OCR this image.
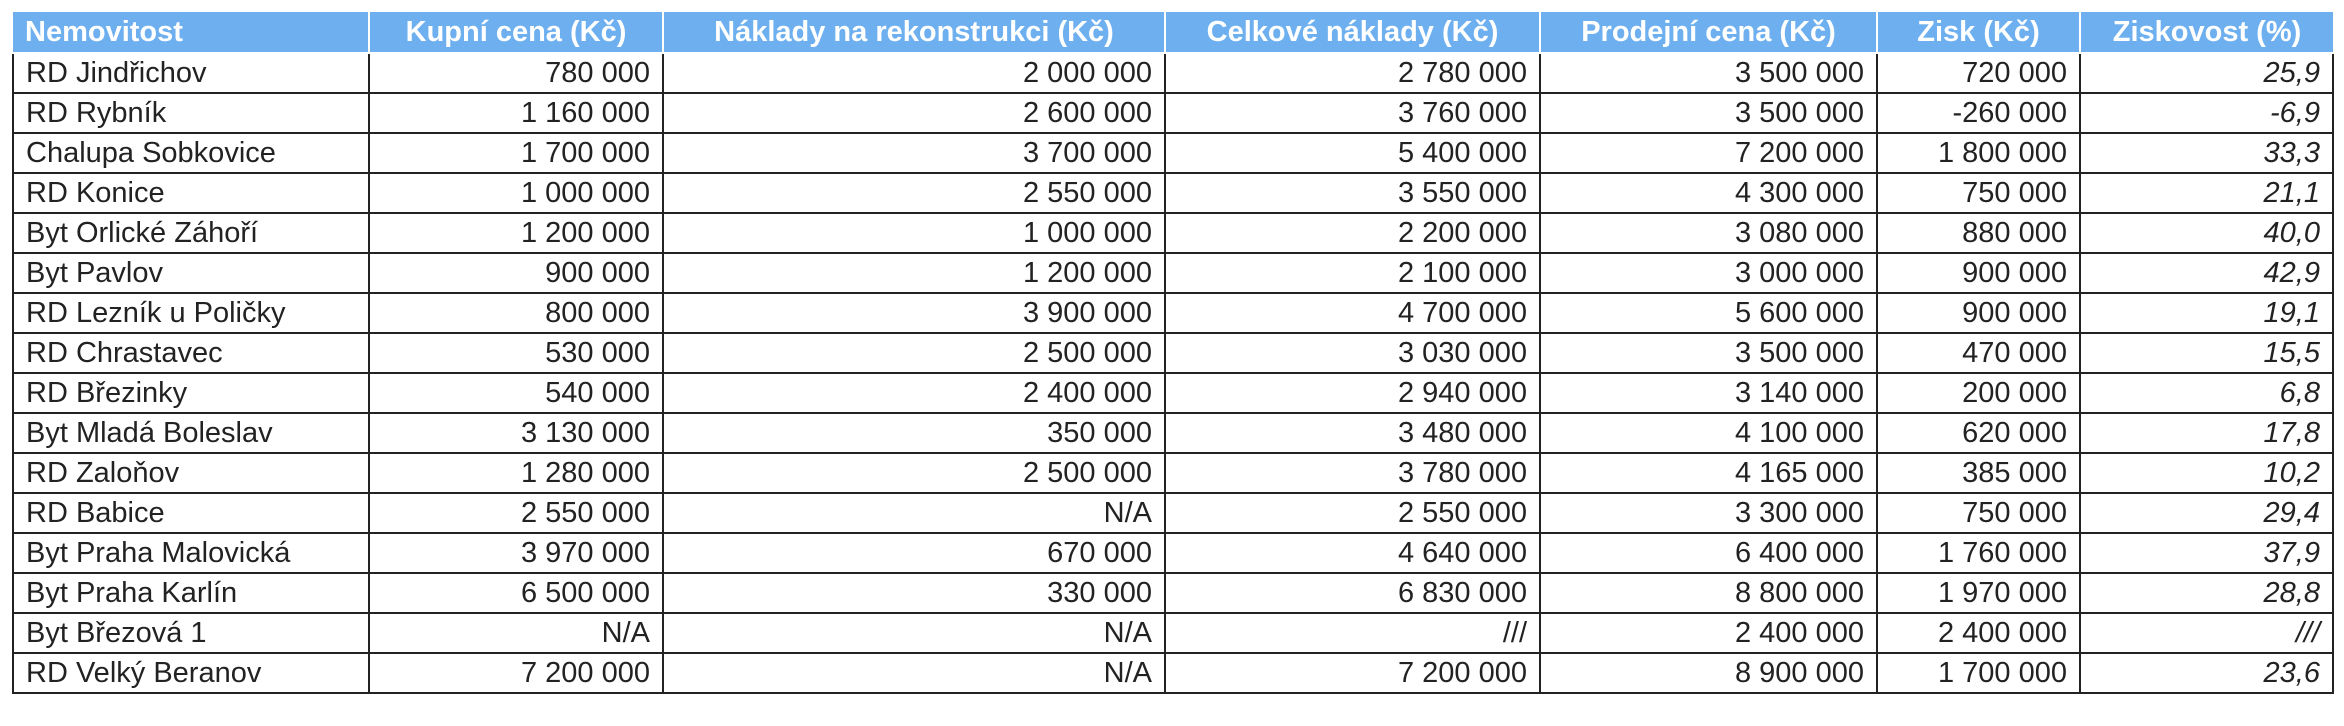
Nemovitost	Kupní cena (Kč)	Náklady na rekonstrukci (Kč)	Celkové náklady (Kč)	Prodejní cena (Kč)	Zisk (Kč)	Ziskovost (%)
RD Jindřichov	780 000	2 000 000	2 780 000	3 500 000	720 000	25,9
RD Rybník	1 160 000	2 600 000	3 760 000	3 500 000	-260 000	-6,9
Chalupa Sobkovice	1 700 000	3 700 000	5 400 000	7 200 000	1 800 000	33,3
RD Konice	1 000 000	2 550 000	3 550 000	4 300 000	750 000	21,1
Byt Orlické Záhoří	1 200 000	1 000 000	2 200 000	3 080 000	880 000	40,0
Byt Pavlov	900 000	1 200 000	2 100 000	3 000 000	900 000	42,9
RD Lezník u Poličky	800 000	3 900 000	4 700 000	5 600 000	900 000	19,1
RD Chrastavec	530 000	2 500 000	3 030 000	3 500 000	470 000	15,5
RD Březinky	540 000	2 400 000	2 940 000	3 140 000	200 000	6,8
Byt Mladá Boleslav	3 130 000	350 000	3 480 000	4 100 000	620 000	17,8
RD Zaloňov	1 280 000	2 500 000	3 780 000	4 165 000	385 000	10,2
RD Babice	2 550 000	N/A	2 550 000	3 300 000	750 000	29,4
Byt Praha Malovická	3 970 000	670 000	4 640 000	6 400 000	1 760 000	37,9
Byt Praha Karlín	6 500 000	330 000	6 830 000	8 800 000	1 970 000	28,8
Byt Březová 1	N/A	N/A	///	2 400 000	2 400 000	///
RD Velký Beranov	7 200 000	N/A	7 200 000	8 900 000	1 700 000	23,6
